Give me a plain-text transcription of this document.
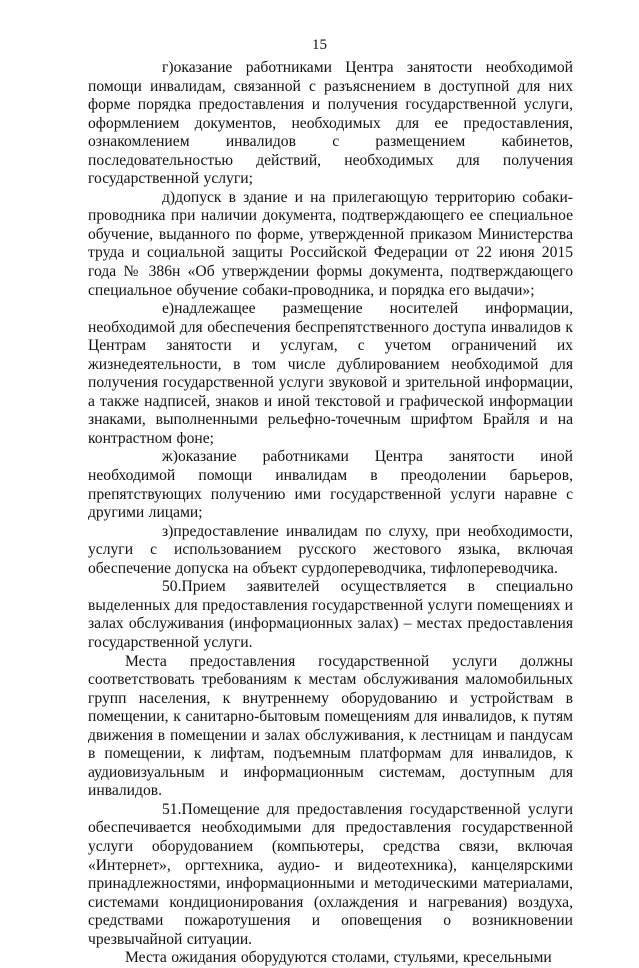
15

г)оказание работниками Центра занятости необходимой помощи инвалидам, связанной с разъяснением в доступной для них форме порядка предоставления и получения государственной услуги, оформлением документов, необходимых для ее предоставления, ознакомлением инвалидов с размещением кабинетов, последовательностью действий, необходимых для получения государственной услуги;

д)допуск в здание и на прилегающую территорию собаки-проводника при наличии документа, подтверждающего ее специальное обучение, выданного по форме, утвержденной приказом Министерства труда и социальной защиты Российской Федерации от 22 июня 2015 года № 386н «Об утверждении формы документа, подтверждающего специальное обучение собаки-проводника, и порядка его выдачи»;

е)надлежащее размещение носителей информации, необходимой для обеспечения беспрепятственного доступа инвалидов к Центрам занятости и услугам, с учетом ограничений их жизнедеятельности, в том числе дублированием необходимой для получения государственной услуги звуковой и зрительной информации, а также надписей, знаков и иной текстовой и графической информации знаками, выполненными рельефно-точечным шрифтом Брайля и на контрастном фоне;

ж)оказание работниками Центра занятости иной необходимой помощи инвалидам в преодолении барьеров, препятствующих получению ими государственной услуги наравне с другими лицами;

з)предоставление инвалидам по слуху, при необходимости, услуги с использованием русского жестового языка, включая обеспечение допуска на объект сурдопереводчика, тифлопереводчика.

50.Прием заявителей осуществляется в специально выделенных для предоставления государственной услуги помещениях и залах обслуживания (информационных залах) – местах предоставления государственной услуги.

Места предоставления государственной услуги должны соответствовать требованиям к местам обслуживания маломобильных групп населения, к внутреннему оборудованию и устройствам в помещении, к санитарно-бытовым помещениям для инвалидов, к путям движения в помещении и залах обслуживания, к лестницам и пандусам в помещении, к лифтам, подъемным платформам для инвалидов, к аудиовизуальным и информационным системам, доступным для инвалидов.

51.Помещение для предоставления государственной услуги обеспечивается необходимыми для предоставления государственной услуги оборудованием (компьютеры, средства связи, включая «Интернет», оргтехника, аудио- и видеотехника), канцелярскими принадлежностями, информационными и методическими материалами, системами кондиционирования (охлаждения и нагревания) воздуха, средствами пожаротушения и оповещения о возникновении чрезвычайной ситуации.

Места ожидания оборудуются столами, стульями, кресельными
